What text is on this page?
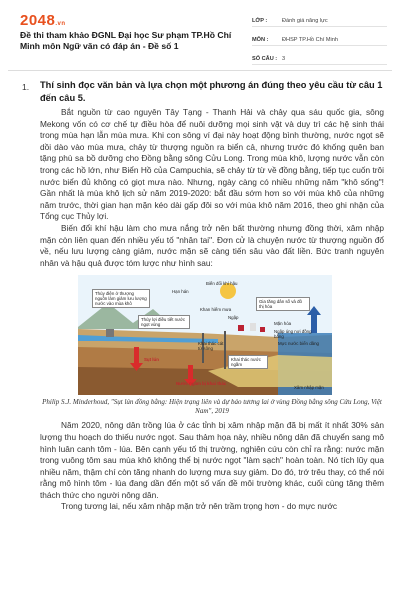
2048.vn
Đề thi tham khảo ĐGNL Đại học Sư phạm TP.Hồ Chí Minh môn Ngữ văn có đáp án - Đề số 1
LỚP :	Đánh giá năng lực
MÔN :	ĐHSP TP.Hồ Chí Minh
SỐ CÂU : 3
1. Thí sinh đọc văn bản và lựa chọn một phương án đúng theo yêu cầu từ câu 1 đến câu 5.

Bắt nguồn từ cao nguyên Tây Tạng - Thanh Hải và chảy qua sáu quốc gia, sông Mekong vốn có cơ chế tự điều hòa để nuôi dưỡng mọi sinh vật và duy trì các hệ sinh thái trong mùa hạn lẫn mùa mưa. Khi con sông ví đại này hoạt động bình thường, nước ngọt sẽ dồi dào vào mùa mưa, chảy từ thượng nguồn ra biển cả, nhưng trước đó khống quên ban tặng phù sa bồ dưỡng cho Đồng bằng sông Cửu Long. Trong mùa khô, lượng nước vẫn còn trong các hồ lớn, như Biển Hồ của Campuchia, sẽ chảy từ từ về đồng bằng, tiếp tục cuốn trôi nước biển đủ không có giọt mưa nào. Nhưng, ngày càng có nhiều những năm "khô sống"! Gần nhất là mùa khô lịch sử năm 2019-2020: bắt đầu sớm hơn so với mùa khô của những năm trước, thời gian hạn mặn kéo dài gấp đôi so với mùa khô năm 2016, theo ghi nhận của Tổng cục Thủy lợi.

Biến đổi khí hậu làm cho mưa nắng trở nên bất thường nhưng đồng thời, xâm nhập mặn còn liên quan đến nhiều yếu tố "nhân tai". Đơn cử là chuyện nước từ thượng nguồn đổ về, nếu lưu lượng càng giảm, nước mặn sẽ càng tiến sâu vào đất liền. Bức tranh nguyên nhân và hậu quả được tóm lược như hình sau:

Thủy điện ở thượng nguồn làm giảm lưu lượng nước vào mùa khô
Hạn hán
Biến đổi khí hậu
Khan hiếm mưa
Gia tăng dân số và đô thị hóa
Ngập
Thủy lợi điều tiết nước ngọt vùng	Mặn hóa
Ngập úng nơi đồng bằng
Mực nước biển dâng
Khai thác nước ngầm
Khai thác cát từ sông
Sụt lún
Nước ngầm bị khai thác
Xâm nhập mặn
Philip S.J. Minderhoud, "Sụt lún đồng bằng: Hiện trạng liên và dự báo tương lai ở vùng Đồng bằng sông Cửu Long, Việt Nam", 2019

Năm 2020, nông dân trồng lúa ở các tỉnh bị xâm nhập mặn đã bị mất ít nhất 30% sản lượng thu hoạch do thiếu nước ngọt. Sau thảm họa này, nhiều nông dân đã chuyển sang mô hình luân canh tôm - lúa. Bên cạnh yếu tố thị trường, nghiên cứu còn chỉ ra rằng: nước mặn trong vuông tôm sau mùa khô không thể bị nước ngọt "làm sạch" hoàn toàn. Nó tích lũy qua nhiều năm, thậm chí còn tăng nhanh do lượng mưa suy giảm. Do đó, trớ trêu thay, có thể nói rằng mô hình tôm - lúa đang dần đến một số vấn đề môi trường khác, cuối cùng tăng thêm thách thức cho người nông dân.

Trong tương lai, nếu xâm nhập mặn trở nên trầm trọng hơn - do mực nước
